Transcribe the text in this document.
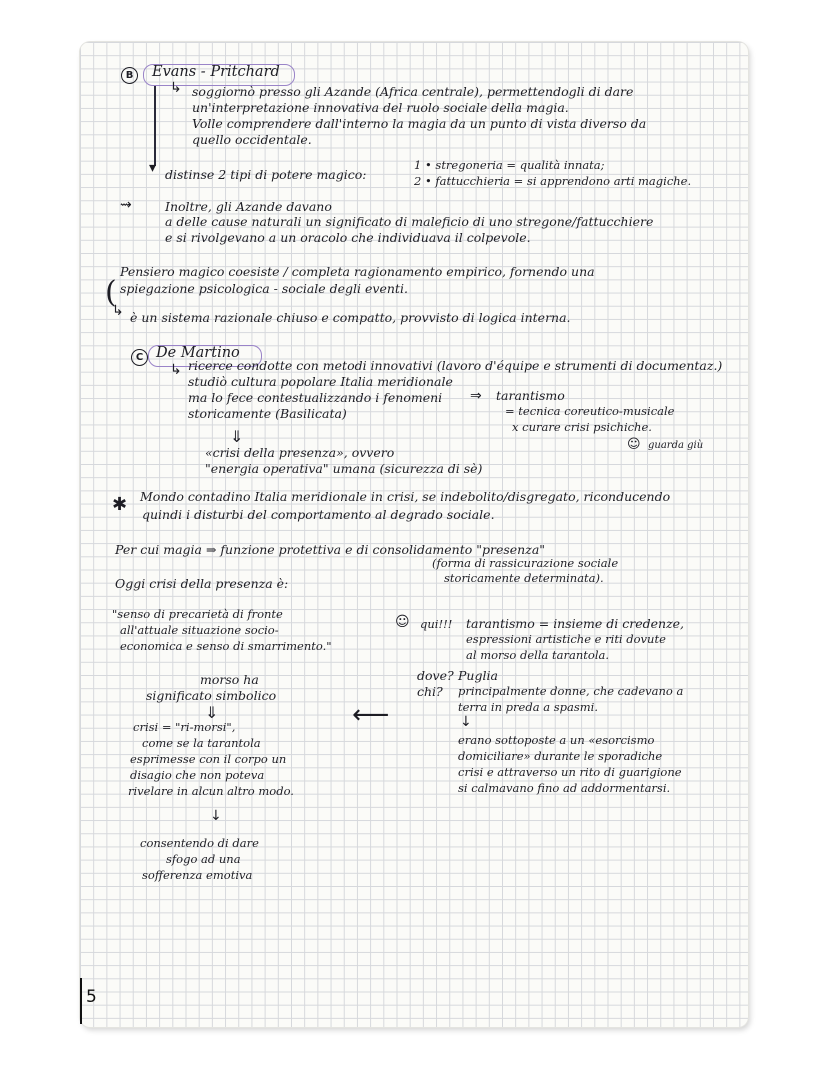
B	Evans - Pritchard
↳ soggiornò presso gli Azande (Africa centrale), permettendogli di dare
un'interpretazione innovativa del ruolo sociale della magia.
Volle comprendere dall'interno la magia da un punto di vista diverso da
quello occidentale.
▾ distinse 2 tipi di potere magico:
1 • stregoneria = qualità innata;
2 • fattucchieria = si apprendono arti magiche.
⇝	Inoltre, gli Azande davano
a delle cause naturali un significato di maleficio di uno stregone/fattucchiere
e si rivolgevano a un oracolo che individuava il colpevole.
Pensiero magico coesiste / completa ragionamento empirico, fornendo una
( spiegazione psicologica - sociale degli eventi.
↳ è un sistema razionale chiuso e compatto, provvisto di logica interna.
C De Martino
↳ ricerce condotte con metodi innovativi (lavoro d'équipe e strumenti di documentaz.)
studiò cultura popolare Italia meridionale
ma lo fece contestualizzando i fenomeni
storicamente (Basilicata)
⇒ tarantismo
= tecnica coreutico-musicale
x curare crisi psichiche.
☺ guarda giù
⇓
«crisi della presenza», ovvero
"energia operativa" umana (sicurezza di sè)
✱ Mondo contadino Italia meridionale in crisi, se indebolito/disgregato, riconducendo
quindi i disturbi del comportamento al degrado sociale.
Per cui magia ⇒ funzione protettiva e di consolidamento "presenza"
(forma di rassicurazione sociale
storicamente determinata).
Oggi crisi della presenza è:
"senso di precarietà di fronte
all'attuale situazione socio-
economica e senso di smarrimento."
☺ qui!!! tarantismo = insieme di credenze,
espressioni artistiche e riti dovute
al morso della tarantola.
dove? Puglia
chi? principalmente donne, che cadevano a
terra in preda a spasmi.
↓
erano sottoposte a un «esorcismo
domiciliare» durante le sporadiche
crisi e attraverso un rito di guarigione
si calmavano fino ad addormentarsi.
⟵
morso ha
significato simbolico
⇓
crisi = "ri-morsi",
come se la tarantola
esprimesse con il corpo un
disagio che non poteva
rivelare in alcun altro modo.
↓
consentendo di dare
sfogo ad una
sofferenza emotiva
5
